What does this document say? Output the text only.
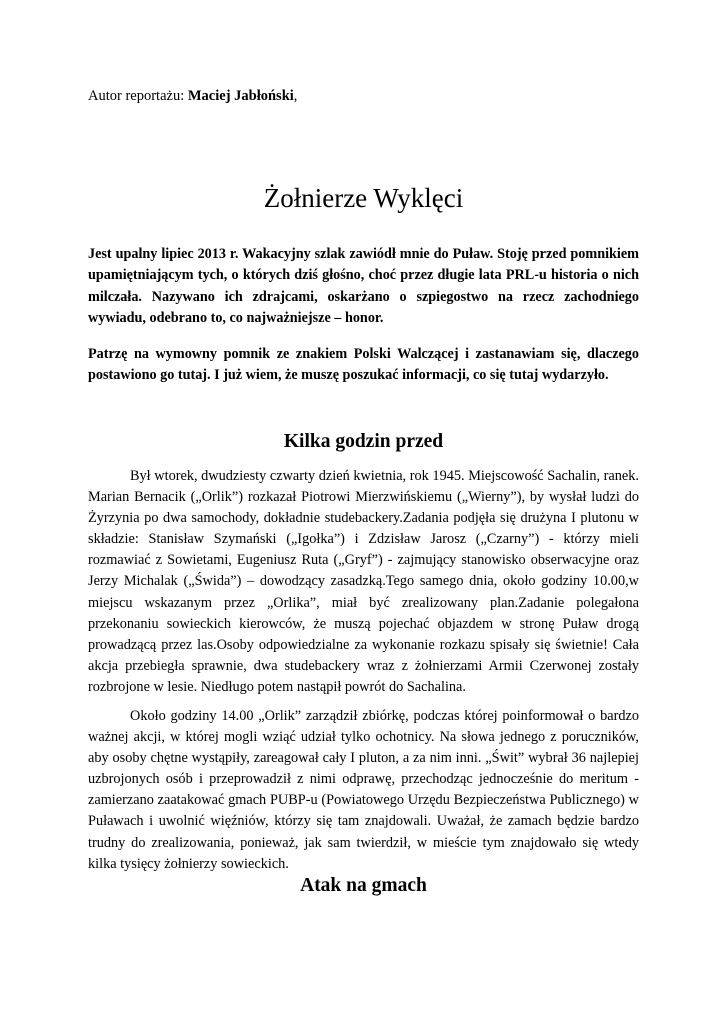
Autor reportażu: Maciej Jabłoński,
Żołnierze Wyklęci

Jest upalny lipiec 2013 r. Wakacyjny szlak zawiódł mnie do Puław. Stoję przed pomnikiem upamiętniającym tych, o których dziś głośno, choć przez długie lata PRL-u historia o nich milczała. Nazywano ich zdrajcami, oskarżano o szpiegostwo na rzecz zachodniego wywiadu, odebrano to, co najważniejsze – honor.

Patrzę na wymowny pomnik ze znakiem Polski Walczącej i zastanawiam się, dlaczego postawiono go tutaj. I już wiem, że muszę poszukać informacji, co się tutaj wydarzyło.

Kilka godzin przed

Był wtorek, dwudziesty czwarty dzień kwietnia, rok 1945. Miejscowość Sachalin, ranek. Marian Bernacik („Orlik”) rozkazał Piotrowi Mierzwińskiemu („Wierny”), by wysłał ludzi do Żyrzynia po dwa samochody, dokładnie studebackery.Zadania podjęła się drużyna I plutonu w składzie: Stanisław Szymański („Igołka”) i Zdzisław Jarosz („Czarny”) - którzy mieli rozmawiać z Sowietami, Eugeniusz Ruta („Gryf”) - zajmujący stanowisko obserwacyjne oraz Jerzy Michalak („Świda”) – dowodzący zasadzką.Tego samego dnia, około godziny 10.00,w miejscu wskazanym przez „Orlika”, miał być zrealizowany plan.Zadanie polegałona przekonaniu sowieckich kierowców, że muszą pojechać objazdem w stronę Puław drogą prowadzącą przez las.Osoby odpowiedzialne za wykonanie rozkazu spisały się świetnie! Cała akcja przebiegła sprawnie, dwa studebackery wraz z żołnierzami Armii Czerwonej zostały rozbrojone w lesie. Niedługo potem nastąpił powrót do Sachalina.

Około godziny 14.00 „Orlik” zarządził zbiórkę, podczas której poinformował o bardzo ważnej akcji, w której mogli wziąć udział tylko ochotnicy. Na słowa jednego z poruczników, aby osoby chętne wystąpiły, zareagował cały I pluton, a za nim inni. „Świt” wybrał 36 najlepiej uzbrojonych osób i przeprowadził z nimi odprawę, przechodząc jednocześnie do meritum - zamierzano zaatakować gmach PUBP-u (Powiatowego Urzędu Bezpieczeństwa Publicznego) w Puławach i uwolnić więźniów, którzy się tam znajdowali. Uważał, że zamach będzie bardzo trudny do zrealizowania, ponieważ, jak sam twierdził, w mieście tym znajdowało się wtedy kilka tysięcy żołnierzy sowieckich.

Atak na gmach
